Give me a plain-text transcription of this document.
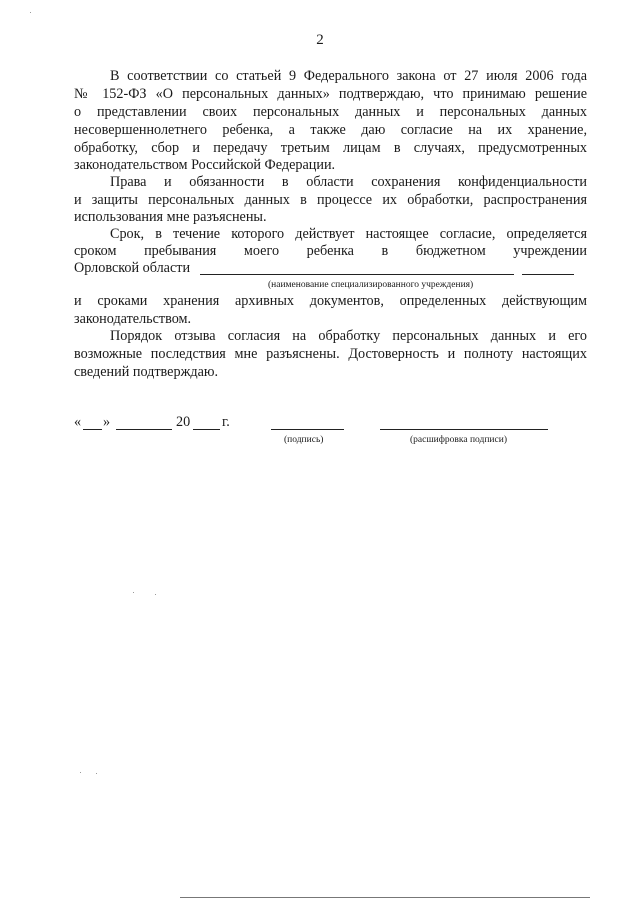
2
В соответствии со статьей 9 Федерального закона от 27 июля 2006 года
№ 152-ФЗ «О персональных данных» подтверждаю, что принимаю решение
о представлении своих персональных данных и персональных данных
несовершеннолетнего ребенка, а также даю согласие на их хранение,
обработку, сбор и передачу третьим лицам в случаях, предусмотренных
законодательством Российской Федерации.
Права и обязанности в области сохранения конфиденциальности
и защиты персональных данных в процессе их обработки, распространения
использования мне разъяснены.
Срок, в течение которого действует настоящее согласие, определяется
сроком пребывания моего ребенка в бюджетном учреждении
Орловской области
(наименование специализированного учреждения)
и сроками хранения архивных документов, определенных действующим
законодательством.
Порядок отзыва согласия на обработку персональных данных и его
возможные последствия мне разъяснены. Достоверность и полноту настоящих
сведений подтверждаю.
« »	20 г.
(подпись)	(расшифровка подписи)
